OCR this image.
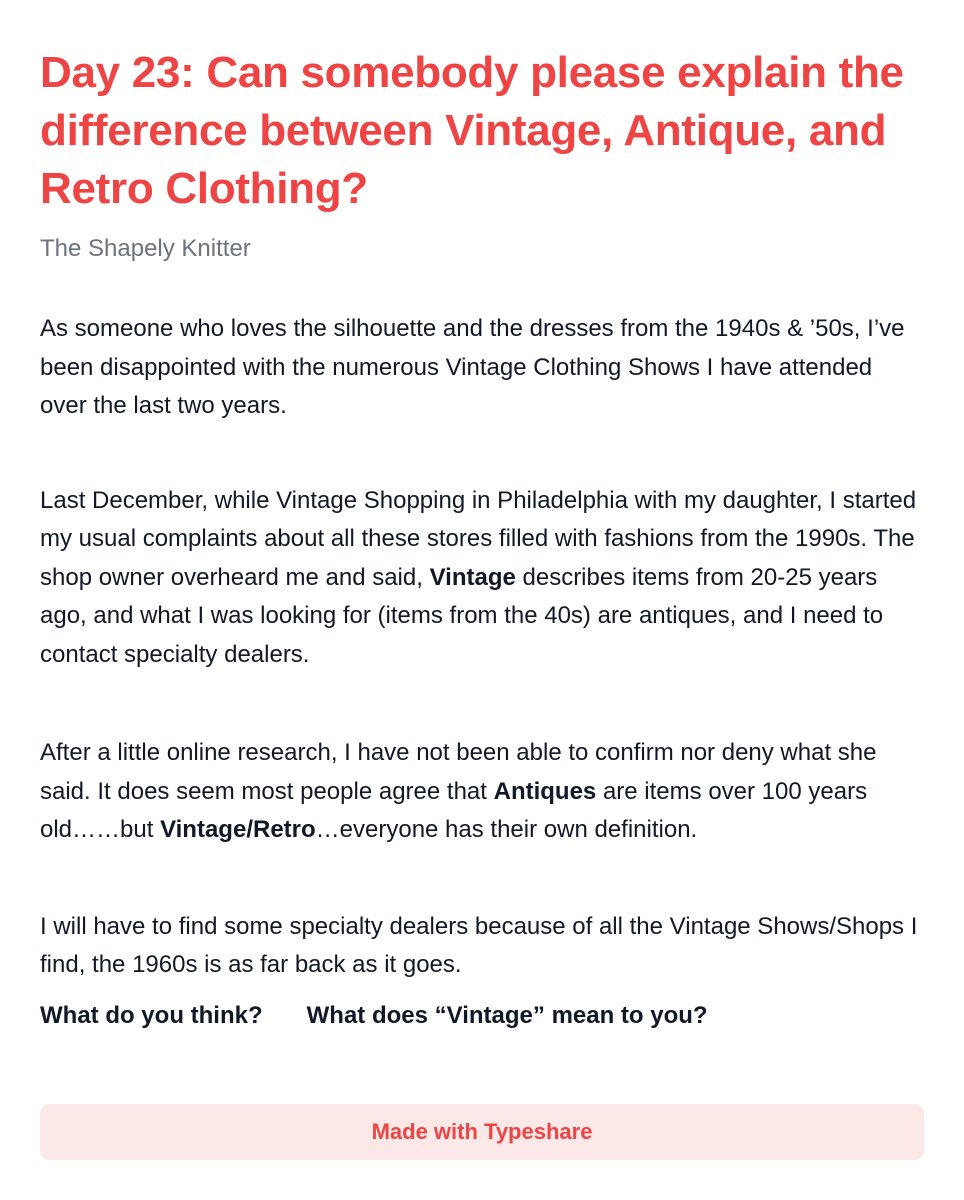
Day 23: Can somebody please explain the difference between Vintage, Antique, and Retro Clothing?
The Shapely Knitter

As someone who loves the silhouette and the dresses from the 1940s & ’50s, I’ve been disappointed with the numerous Vintage Clothing Shows I have attended over the last two years.

Last December, while Vintage Shopping in Philadelphia with my daughter, I started my usual complaints about all these stores filled with fashions from the 1990s. The shop owner overheard me and said, Vintage describes items from 20-25 years ago, and what I was looking for (items from the 40s) are antiques, and I need to contact specialty dealers.

After a little online research, I have not been able to confirm nor deny what she said. It does seem most people agree that Antiques are items over 100 years old……but Vintage/Retro…everyone has their own definition.

I will have to find some specialty dealers because of all the Vintage Shows/Shops I find, the 1960s is as far back as it goes.

What do you think? What does “Vintage” mean to you?
Made with Typeshare
